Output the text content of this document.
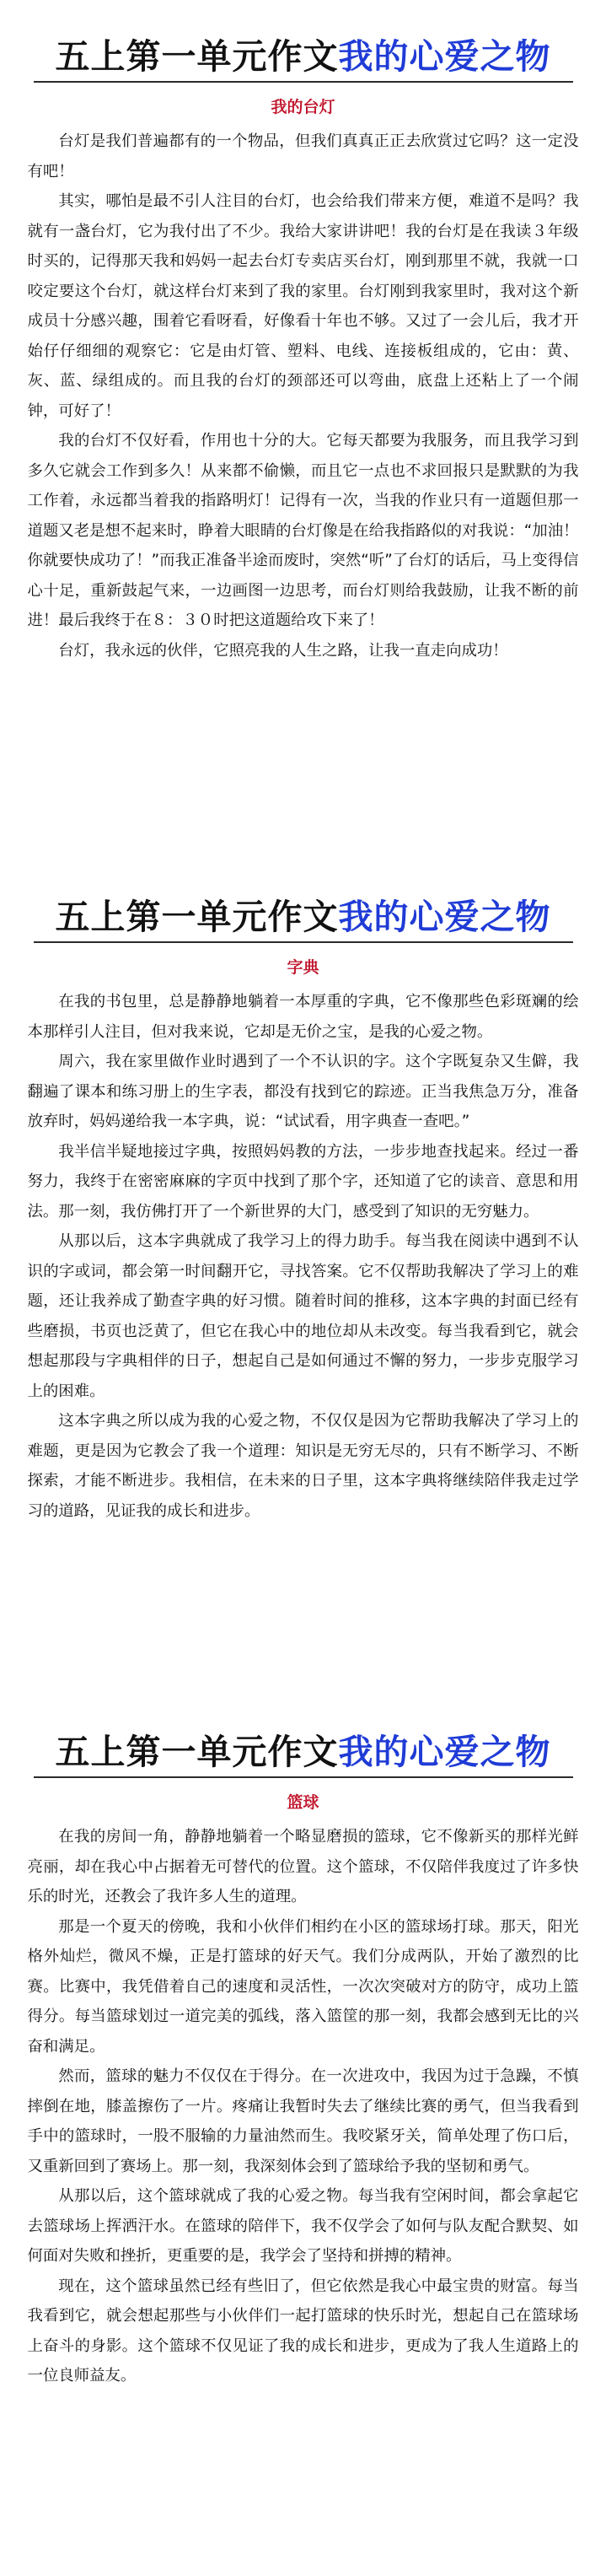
五上第一单元作文我的心爱之物
我的台灯

台灯是我们普遍都有的一个物品，但我们真真正正去欣赏过它吗？这一定没有吧！

其实，哪怕是最不引人注目的台灯，也会给我们带来方便，难道不是吗？我就有一盏台灯，它为我付出了不少。我给大家讲讲吧！我的台灯是在我读３年级时买的，记得那天我和妈妈一起去台灯专卖店买台灯，刚到那里不就，我就一口咬定要这个台灯，就这样台灯来到了我的家里。台灯刚到我家里时，我对这个新成员十分感兴趣，围着它看呀看，好像看十年也不够。又过了一会儿后，我才开始仔仔细细的观察它：它是由灯管、塑料、电线、连接板组成的，它由：黄、灰、蓝、绿组成的。而且我的台灯的颈部还可以弯曲，底盘上还粘上了一个闹钟，可好了！

我的台灯不仅好看，作用也十分的大。它每天都要为我服务，而且我学习到多久它就会工作到多久！从来都不偷懒，而且它一点也不求回报只是默默的为我工作着，永远都当着我的指路明灯！记得有一次，当我的作业只有一道题但那一道题又老是想不起来时，睁着大眼睛的台灯像是在给我指路似的对我说：“加油！你就要快成功了！”而我正准备半途而废时，突然“听”了台灯的话后，马上变得信心十足，重新鼓起气来，一边画图一边思考，而台灯则给我鼓励，让我不断的前进！最后我终于在８：３０时把这道题给攻下来了！

台灯，我永远的伙伴，它照亮我的人生之路，让我一直走向成功！

五上第一单元作文我的心爱之物
字典

在我的书包里，总是静静地躺着一本厚重的字典，它不像那些色彩斑斓的绘本那样引人注目，但对我来说，它却是无价之宝，是我的心爱之物。

周六，我在家里做作业时遇到了一个不认识的字。这个字既复杂又生僻，我翻遍了课本和练习册上的生字表，都没有找到它的踪迹。正当我焦急万分，准备放弃时，妈妈递给我一本字典，说：“试试看，用字典查一查吧。”

我半信半疑地接过字典，按照妈妈教的方法，一步步地查找起来。经过一番努力，我终于在密密麻麻的字页中找到了那个字，还知道了它的读音、意思和用法。那一刻，我仿佛打开了一个新世界的大门，感受到了知识的无穷魅力。

从那以后，这本字典就成了我学习上的得力助手。每当我在阅读中遇到不认识的字或词，都会第一时间翻开它，寻找答案。它不仅帮助我解决了学习上的难题，还让我养成了勤查字典的好习惯。随着时间的推移，这本字典的封面已经有些磨损，书页也泛黄了，但它在我心中的地位却从未改变。每当我看到它，就会想起那段与字典相伴的日子，想起自己是如何通过不懈的努力，一步步克服学习上的困难。

这本字典之所以成为我的心爱之物，不仅仅是因为它帮助我解决了学习上的难题，更是因为它教会了我一个道理：知识是无穷无尽的，只有不断学习、不断探索，才能不断进步。我相信，在未来的日子里，这本字典将继续陪伴我走过学习的道路，见证我的成长和进步。

五上第一单元作文我的心爱之物
篮球

在我的房间一角，静静地躺着一个略显磨损的篮球，它不像新买的那样光鲜亮丽，却在我心中占据着无可替代的位置。这个篮球，不仅陪伴我度过了许多快乐的时光，还教会了我许多人生的道理。

那是一个夏天的傍晚，我和小伙伴们相约在小区的篮球场打球。那天，阳光格外灿烂，微风不燥，正是打篮球的好天气。我们分成两队，开始了激烈的比赛。比赛中，我凭借着自己的速度和灵活性，一次次突破对方的防守，成功上篮得分。每当篮球划过一道完美的弧线，落入篮筐的那一刻，我都会感到无比的兴奋和满足。

然而，篮球的魅力不仅仅在于得分。在一次进攻中，我因为过于急躁，不慎摔倒在地，膝盖擦伤了一片。疼痛让我暂时失去了继续比赛的勇气，但当我看到手中的篮球时，一股不服输的力量油然而生。我咬紧牙关，简单处理了伤口后，又重新回到了赛场上。那一刻，我深刻体会到了篮球给予我的坚韧和勇气。

从那以后，这个篮球就成了我的心爱之物。每当我有空闲时间，都会拿起它去篮球场上挥洒汗水。在篮球的陪伴下，我不仅学会了如何与队友配合默契、如何面对失败和挫折，更重要的是，我学会了坚持和拼搏的精神。

现在，这个篮球虽然已经有些旧了，但它依然是我心中最宝贵的财富。每当我看到它，就会想起那些与小伙伴们一起打篮球的快乐时光，想起自己在篮球场上奋斗的身影。这个篮球不仅见证了我的成长和进步，更成为了我人生道路上的一位良师益友。
